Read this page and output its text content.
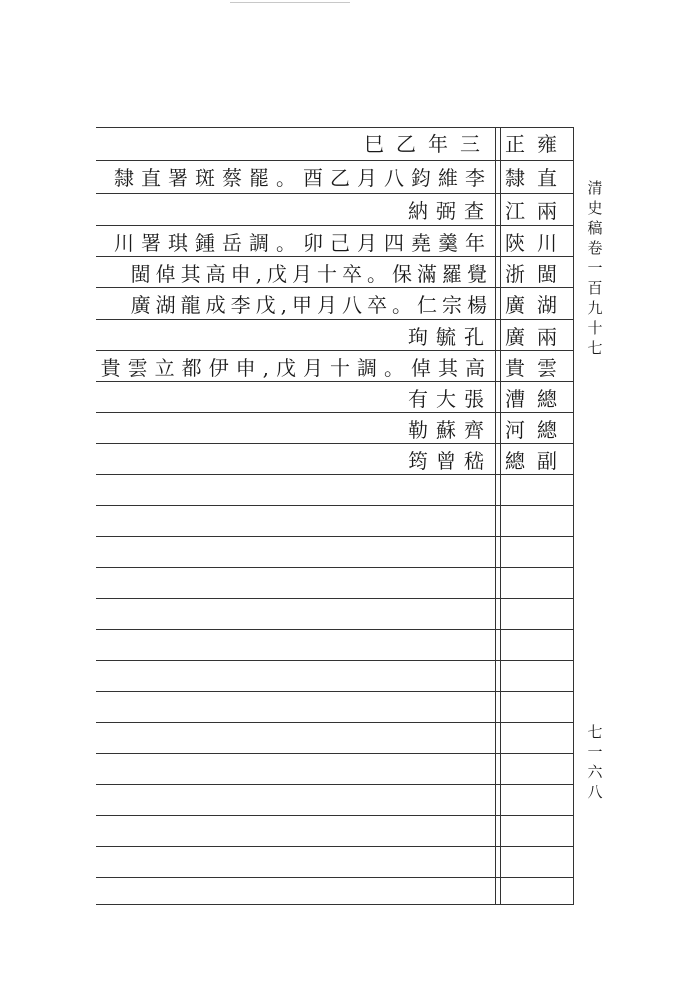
巳乙年三 正雍
隸直署斑蔡罷。酉乙月八鈞維李 隸直
納弼查 江兩
川署琪鍾岳調。卯己月四堯羹年 陝川
閩倬其高申,戊月十卒。保滿羅覺 浙閩
廣湖龍成李戊,甲月八卒。仁宗楊 廣湖
珣毓孔 廣兩
貴雲立都伊申,戊月十調。倬其高 貴雲
有大張 漕總
勒蘇齊 河總
筠曾嵇 總副
清史稿卷一百九十七
七一六八
